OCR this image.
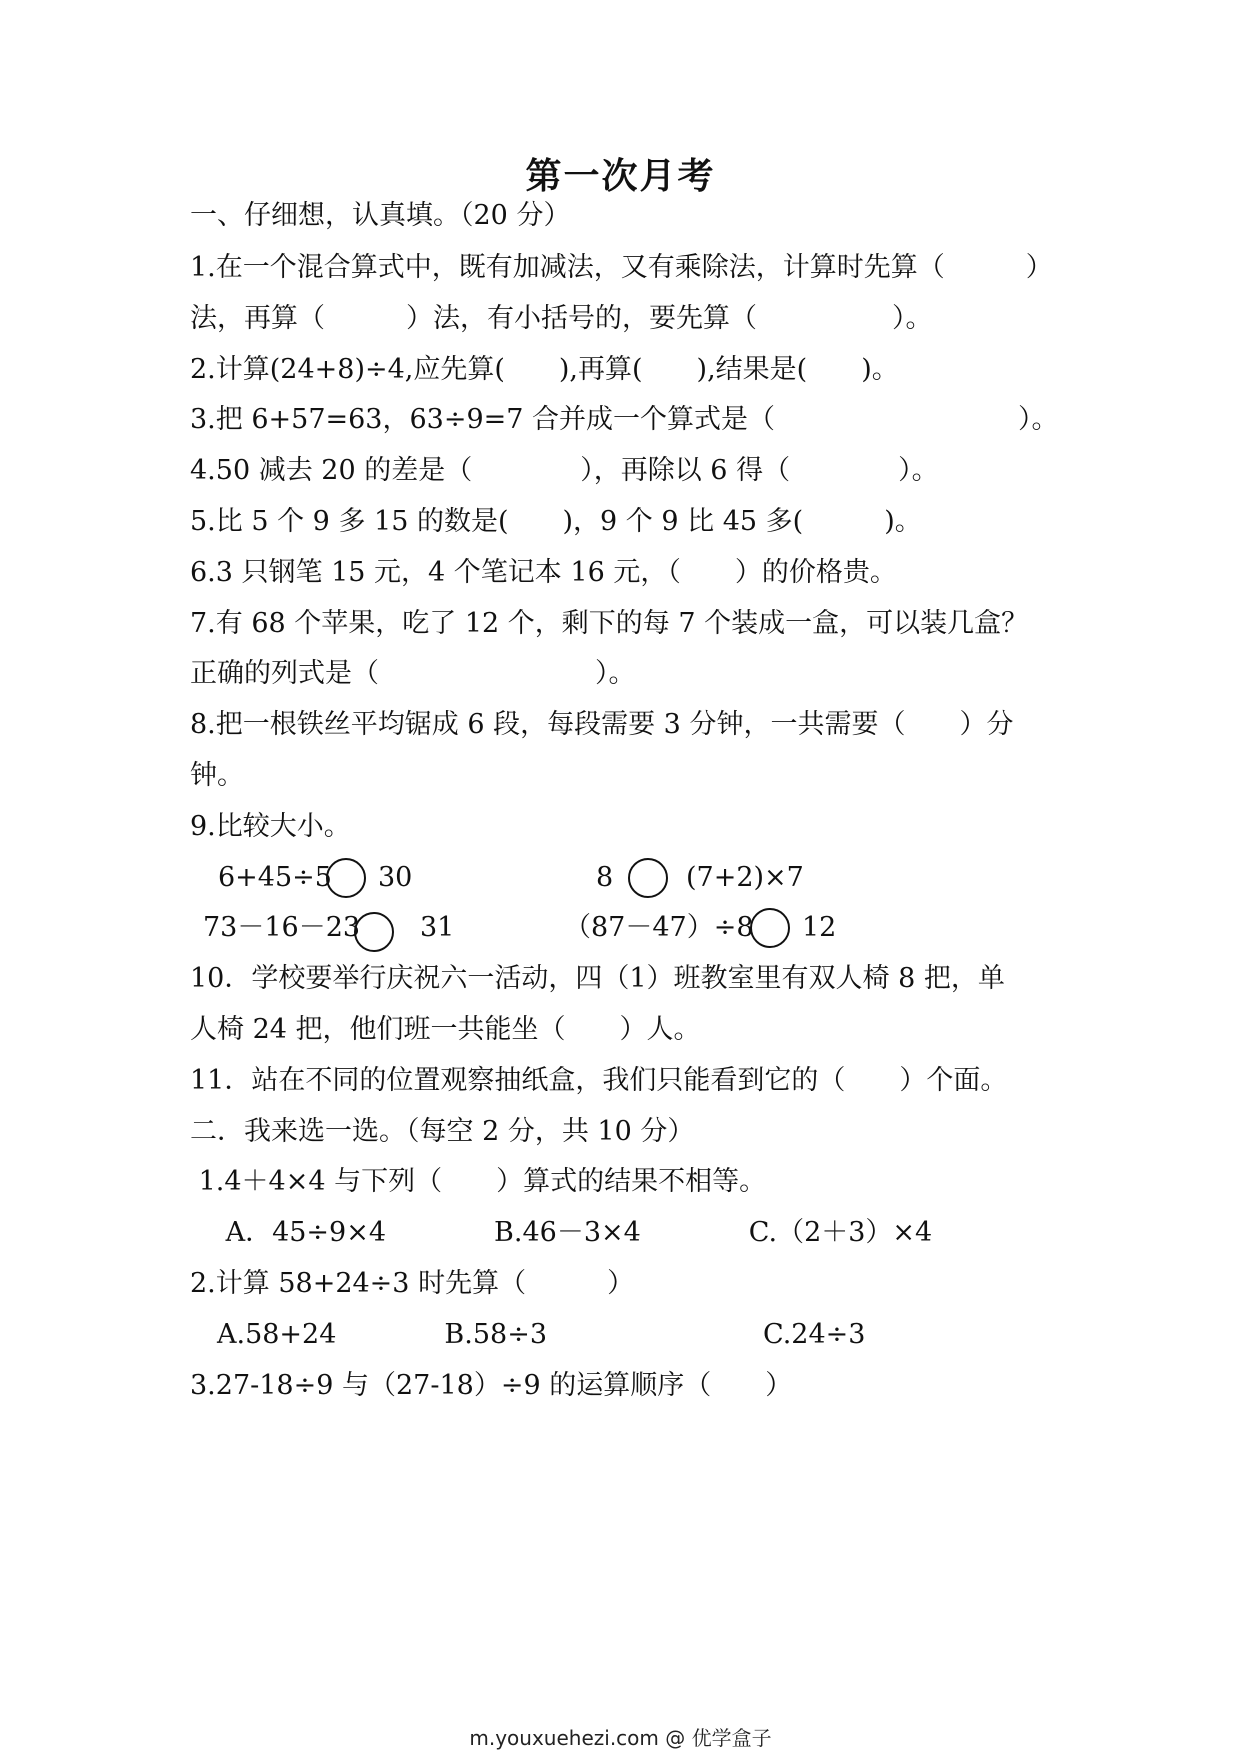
第一次月考
一、仔细想，认真填。（20 分）
1.在一个混合算式中，既有加减法，又有乘除法，计算时先算（　　　）
法，再算（　　　）法，有小括号的，要先算（　　　　　）。
2.计算(24+8)÷4,应先算(　　),再算(　　),结果是(　　)。
3.把 6+57=63，63÷9=7 合并成一个算式是（　　　　　　　　　）。
4.50 减去 20 的差是（　　　　），再除以 6 得（　　　　）。
5.比 5 个 9 多 15 的数是(　　)，9 个 9 比 45 多(　　　)。
6.3 只钢笔 15 元，4 个笔记本 16 元，（　　）的价格贵。
7.有 68 个苹果，吃了 12 个，剩下的每 7 个装成一盒，可以装几盒？
正确的列式是（　　　　　　　　）。
8.把一根铁丝平均锯成 6 段，每段需要 3 分钟，一共需要（　　）分
钟。
9.比较大小。
6+45÷5 30	8	(7+2)×7
73－16－23 31	（87－47）÷8 12
10．学校要举行庆祝六一活动，四（1）班教室里有双人椅 8 把，单
人椅 24 把，他们班一共能坐（　　）人。
11．站在不同的位置观察抽纸盒，我们只能看到它的（　　）个面。
二．我来选一选。（每空 2 分，共 10 分）
1.4＋4×4 与下列（　　）算式的结果不相等。
　 A．45÷9×4　　　　B.46－3×4　　　　C.（2＋3）×4
2.计算 58+24÷3 时先算（　　　）
　A.58+24　　　　B.58÷3　　　　　　　　C.24÷3
3.27-18÷9 与（27-18）÷9 的运算顺序（　　）
m.youxuehezi.com @ 优学盒子
